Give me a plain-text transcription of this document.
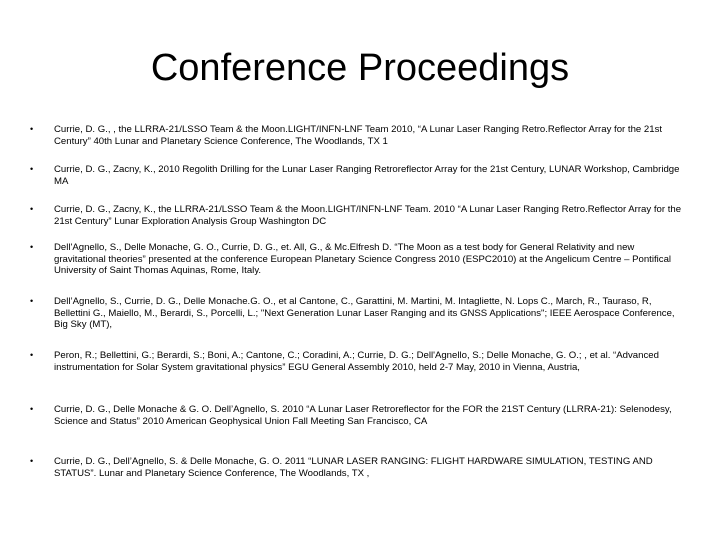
Conference Proceedings
• Currie, D. G., , the LLRRA-21/LSSO Team & the Moon.LIGHT/INFN-LNF Team 2010, “A Lunar Laser Ranging Retro.Reflector Array for the 21st Century” 40th Lunar and Planetary Science Conference, The Woodlands, TX 1
• Currie, D. G., Zacny, K., 2010 Regolith Drilling for the Lunar Laser Ranging Retroreflector Array for the 21st Century, LUNAR Workshop, Cambridge MA
• Currie, D. G., Zacny, K., the LLRRA-21/LSSO Team & the Moon.LIGHT/INFN-LNF Team. 2010 “A Lunar Laser Ranging Retro.Reflector Array for the 21st Century” Lunar Exploration Analysis Group Washington DC
• Dell'Agnello, S., Delle Monache, G. O., Currie, D. G., et. All, G., & Mc.Elfresh D. “The Moon as a test body for General Relativity and new gravitational theories” presented at the conference European Planetary Science Congress 2010 (ESPC2010) at the Angelicum Centre – Pontifical University of Saint Thomas Aquinas, Rome, Italy.
• Dell’Agnello, S., Currie, D. G., Delle Monache.G. O., et al Cantone, C., Garattini, M. Martini, M. Intagliette, N. Lops C., March, R., Tauraso, R, Bellettini G., Maiello, M., Berardi, S., Porcelli, L.; "Next Generation Lunar Laser Ranging and its GNSS Applications"; IEEE Aerospace Conference, Big Sky (MT),
• Peron, R.; Bellettini, G.; Berardi, S.; Boni, A.; Cantone, C.; Coradini, A.; Currie, D. G.; Dell'Agnello, S.; Delle Monache, G. O.; , et al. “Advanced instrumentation for Solar System gravitational physics” EGU General Assembly 2010, held 2-7 May, 2010 in Vienna, Austria,
• Currie, D. G., Delle Monache & G. O. Dell’Agnello, S. 2010 “A Lunar Laser Retroreflector for the FOR the 21ST Century (LLRRA-21): Selenodesy, Science and Status” 2010 American Geophysical Union Fall Meeting San Francisco, CA
• Currie, D. G., Dell’Agnello, S. & Delle Monache, G. O. 2011 “LUNAR LASER RANGING: FLIGHT HARDWARE SIMULATION, TESTING AND STATUS”. Lunar and Planetary Science Conference, The Woodlands, TX ,
